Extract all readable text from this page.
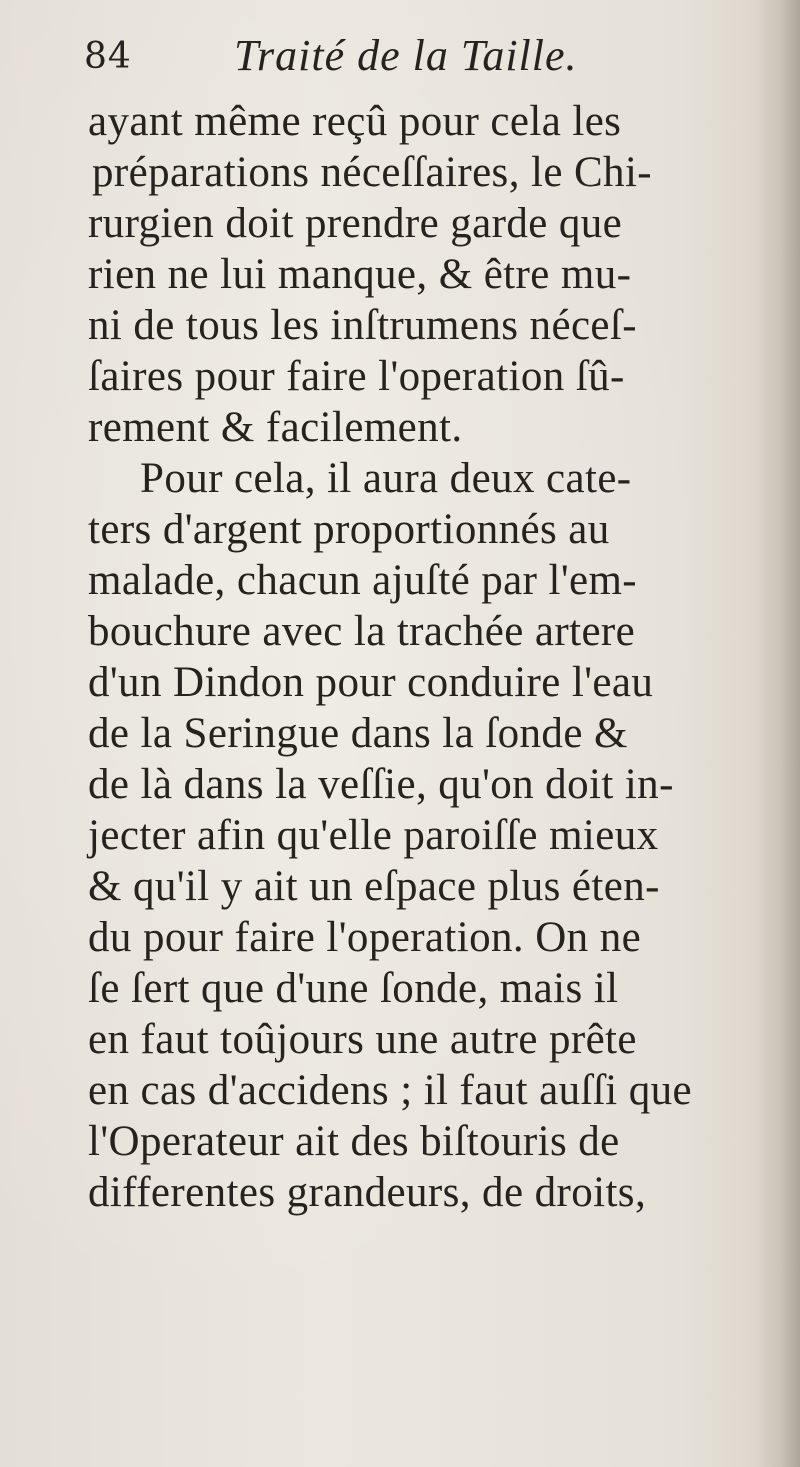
84 Traité de la Taille.
ayant même reçû pour cela les
préparations néceſſaires, le Chi-
rurgien doit prendre garde que
rien ne lui manque, & être mu-
ni de tous les inſtrumens néceſ-
ſaires pour faire l'operation ſû-
rement & facilement.
Pour cela, il aura deux cate-
ters d'argent proportionnés au
malade, chacun ajuſté par l'em-
bouchure avec la trachée artere
d'un Dindon pour conduire l'eau
de la Seringue dans la ſonde &
de là dans la veſſie, qu'on doit in-
jecter afin qu'elle paroiſſe mieux
& qu'il y ait un eſpace plus éten-
du pour faire l'operation. On ne
ſe ſert que d'une ſonde, mais il
en faut toûjours une autre prête
en cas d'accidens ; il faut auſſi que
l'Operateur ait des biſtouris de
differentes grandeurs, de droits,
